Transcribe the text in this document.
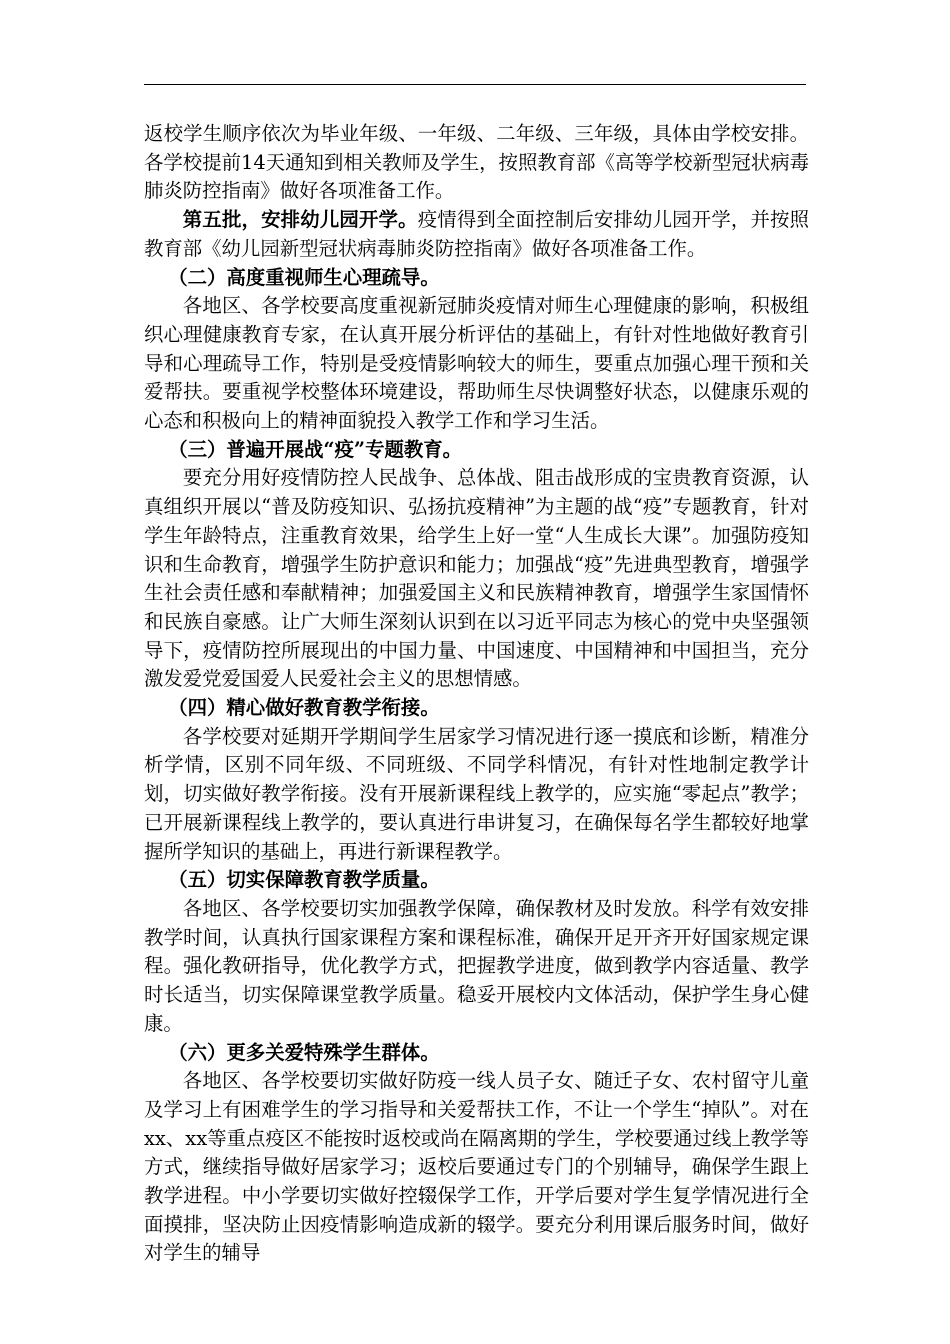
返校学生顺序依次为毕业年级、一年级、二年级、三年级，具体由学校安排。各学校提前14天通知到相关教师及学生，按照教育部《高等学校新型冠状病毒肺炎防控指南》做好各项准备工作。

第五批，安排幼儿园开学。疫情得到全面控制后安排幼儿园开学，并按照教育部《幼儿园新型冠状病毒肺炎防控指南》做好各项准备工作。

（二）高度重视师生心理疏导。

各地区、各学校要高度重视新冠肺炎疫情对师生心理健康的影响，积极组织心理健康教育专家，在认真开展分析评估的基础上，有针对性地做好教育引导和心理疏导工作，特别是受疫情影响较大的师生，要重点加强心理干预和关爱帮扶。要重视学校整体环境建设，帮助师生尽快调整好状态，以健康乐观的心态和积极向上的精神面貌投入教学工作和学习生活。

（三）普遍开展战“疫”专题教育。

要充分用好疫情防控人民战争、总体战、阻击战形成的宝贵教育资源，认真组织开展以“普及防疫知识、弘扬抗疫精神”为主题的战“疫”专题教育，针对学生年龄特点，注重教育效果，给学生上好一堂“人生成长大课”。加强防疫知识和生命教育，增强学生防护意识和能力；加强战“疫”先进典型教育，增强学生社会责任感和奉献精神；加强爱国主义和民族精神教育，增强学生家国情怀和民族自豪感。让广大师生深刻认识到在以习近平同志为核心的党中央坚强领导下，疫情防控所展现出的中国力量、中国速度、中国精神和中国担当，充分激发爱党爱国爱人民爱社会主义的思想情感。

（四）精心做好教育教学衔接。

各学校要对延期开学期间学生居家学习情况进行逐一摸底和诊断，精准分析学情，区别不同年级、不同班级、不同学科情况，有针对性地制定教学计划，切实做好教学衔接。没有开展新课程线上教学的，应实施“零起点”教学；已开展新课程线上教学的，要认真进行串讲复习，在确保每名学生都较好地掌握所学知识的基础上，再进行新课程教学。

（五）切实保障教育教学质量。

各地区、各学校要切实加强教学保障，确保教材及时发放。科学有效安排教学时间，认真执行国家课程方案和课程标准，确保开足开齐开好国家规定课程。强化教研指导，优化教学方式，把握教学进度，做到教学内容适量、教学时长适当，切实保障课堂教学质量。稳妥开展校内文体活动，保护学生身心健康。

（六）更多关爱特殊学生群体。

各地区、各学校要切实做好防疫一线人员子女、随迁子女、农村留守儿童及学习上有困难学生的学习指导和关爱帮扶工作，不让一个学生“掉队”。对在xx、xx等重点疫区不能按时返校或尚在隔离期的学生，学校要通过线上教学等方式，继续指导做好居家学习；返校后要通过专门的个别辅导，确保学生跟上教学进程。中小学要切实做好控辍保学工作，开学后要对学生复学情况进行全面摸排，坚决防止因疫情影响造成新的辍学。要充分利用课后服务时间，做好对学生的辅导
